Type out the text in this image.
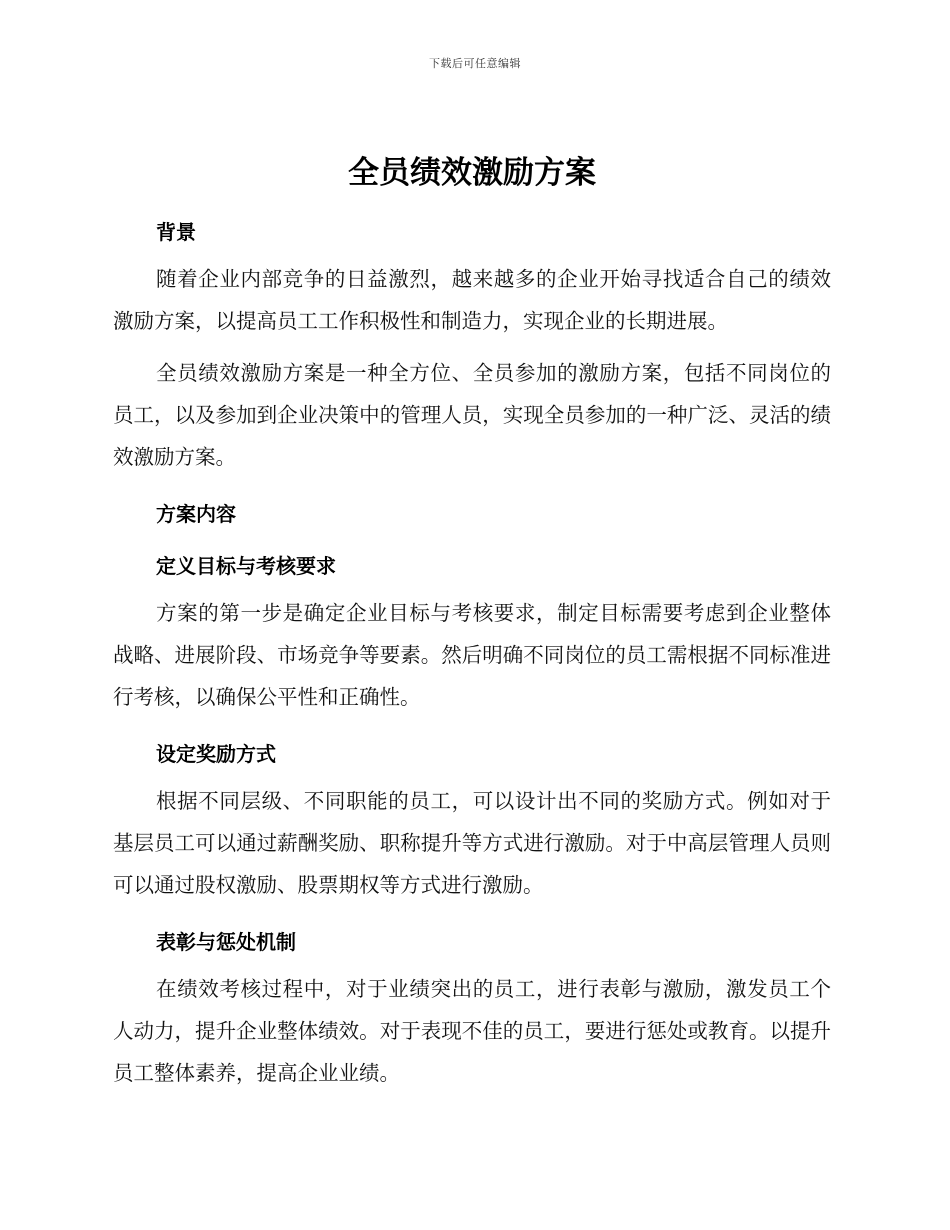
下载后可任意编辑
全员绩效激励方案
背景

随着企业内部竞争的日益激烈，越来越多的企业开始寻找适合自己的绩效激励方案，以提高员工工作积极性和制造力，实现企业的长期进展。

全员绩效激励方案是一种全方位、全员参加的激励方案，包括不同岗位的员工，以及参加到企业决策中的管理人员，实现全员参加的一种广泛、灵活的绩效激励方案。

方案内容
定义目标与考核要求

方案的第一步是确定企业目标与考核要求，制定目标需要考虑到企业整体战略、进展阶段、市场竞争等要素。然后明确不同岗位的员工需根据不同标准进行考核，以确保公平性和正确性。

设定奖励方式

根据不同层级、不同职能的员工，可以设计出不同的奖励方式。例如对于基层员工可以通过薪酬奖励、职称提升等方式进行激励。对于中高层管理人员则可以通过股权激励、股票期权等方式进行激励。

表彰与惩处机制

在绩效考核过程中，对于业绩突出的员工，进行表彰与激励，激发员工个人动力，提升企业整体绩效。对于表现不佳的员工，要进行惩处或教育。以提升员工整体素养，提高企业业绩。
